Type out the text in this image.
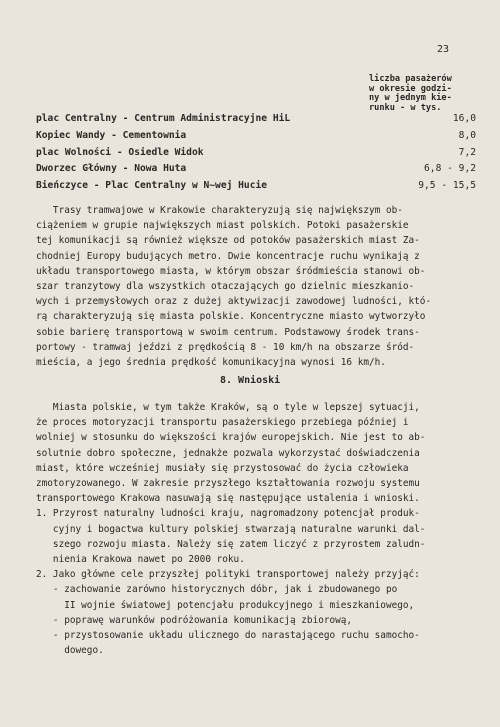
23
liczba pasażerów
w okresie godzi-
ny w jednym kie-
runku - w tys.
plac Centralny - Centrum Administracyjne HiL	16,0
Kopiec Wandy - Cementownia	8,0
plac Wolności - Osiedle Widok	7,2
Dworzec Główny - Nowa Huta	6,8 - 9,2
Bieńczyce - Plac Centralny w N~wej Hucie	9,5 - 15,5
Trasy tramwajowe w Krakowie charakteryzują się największym ob-
ciążeniem w grupie największych miast polskich. Potoki pasażerskie
tej komunikacji są również większe od potoków pasażerskich miast Za-
chodniej Europy budujących metro. Dwie koncentracje ruchu wynikają z
układu transportowego miasta, w którym obszar śródmieścia stanowi ob-
szar tranzytowy dla wszystkich otaczających go dzielnic mieszkanio-
wych i przemysłowych oraz z dużej aktywizacji zawodowej ludności, któ-
rą charakteryzują się miasta polskie. Koncentryczne miasto wytworzyło
sobie barierę transportową w swoim centrum. Podstawowy środek trans-
portowy - tramwaj jeździ z prędkością 8 - 10 km/h na obszarze śród-
mieścia, a jego średnia prędkość komunikacyjna wynosi 16 km/h.
8. Wnioski
Miasta polskie, w tym także Kraków, są o tyle w lepszej sytuacji,
że proces motoryzacji transportu pasażerskiego przebiega później i
wolniej w stosunku do większości krajów europejskich. Nie jest to ab-
solutnie dobro społeczne, jednakże pozwala wykorzystać doświadczenia
miast, które wcześniej musiały się przystosować do życia człowieka
zmotoryzowanego. W zakresie przyszłego kształtowania rozwoju systemu
transportowego Krakowa nasuwają się następujące ustalenia i wnioski.
1. Przyrost naturalny ludności kraju, nagromadzony potencjał produk-
cyjny i bogactwa kultury polskiej stwarzają naturalne warunki dal-
szego rozwoju miasta. Należy się zatem liczyć z przyrostem zaludn-
nienia Krakowa nawet po 2000 roku.
2. Jako główne cele przyszłej polityki transportowej należy przyjąć:
- zachowanie zarówno historycznych dóbr, jak i zbudowanego po
II wojnie światowej potencjału produkcyjnego i mieszkaniowego,
- poprawę warunków podróżowania komunikacją zbiorową,
- przystosowanie układu ulicznego do narastającego ruchu samocho-
dowego.
